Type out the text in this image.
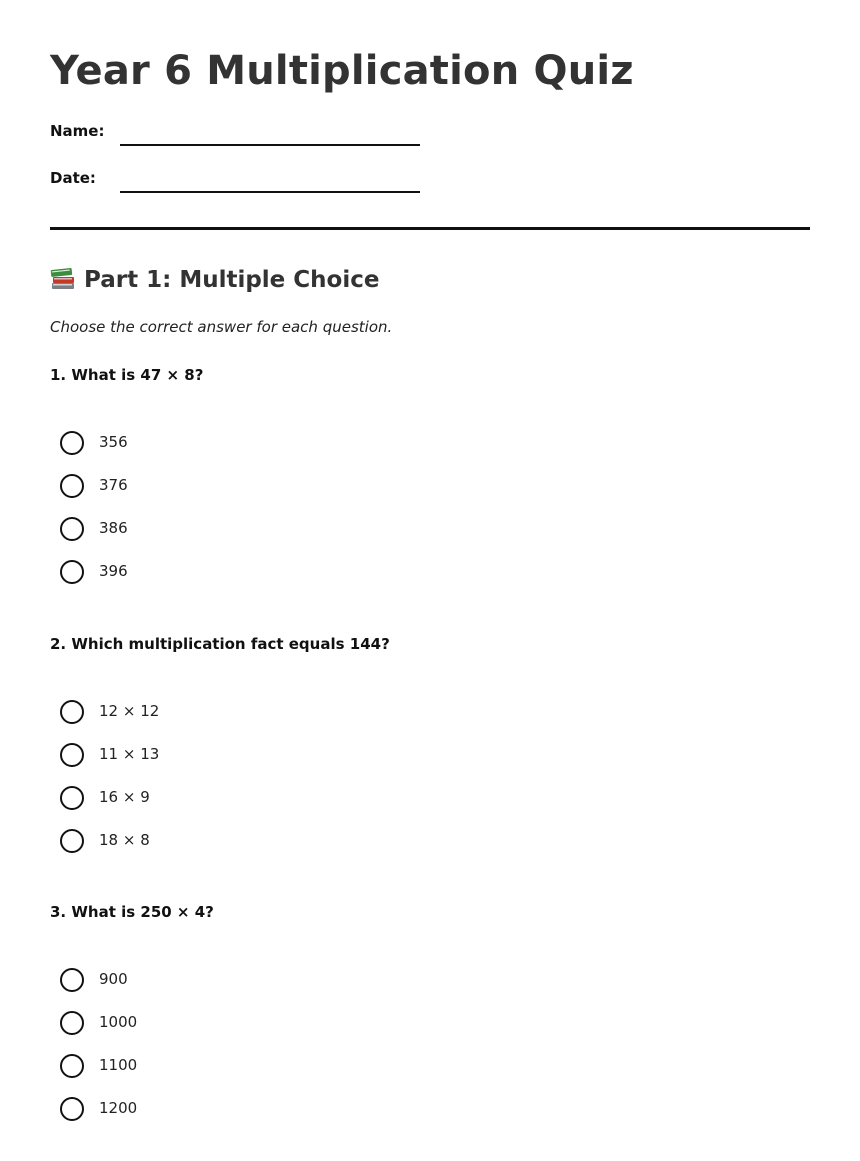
Year 6 Multiplication Quiz
Name:
Date:
Part 1: Multiple Choice
Choose the correct answer for each question.
1. What is 47 × 8?
356
376
386
396
2. Which multiplication fact equals 144?
12 × 12
11 × 13
16 × 9
18 × 8
3. What is 250 × 4?
900
1000
1100
1200
